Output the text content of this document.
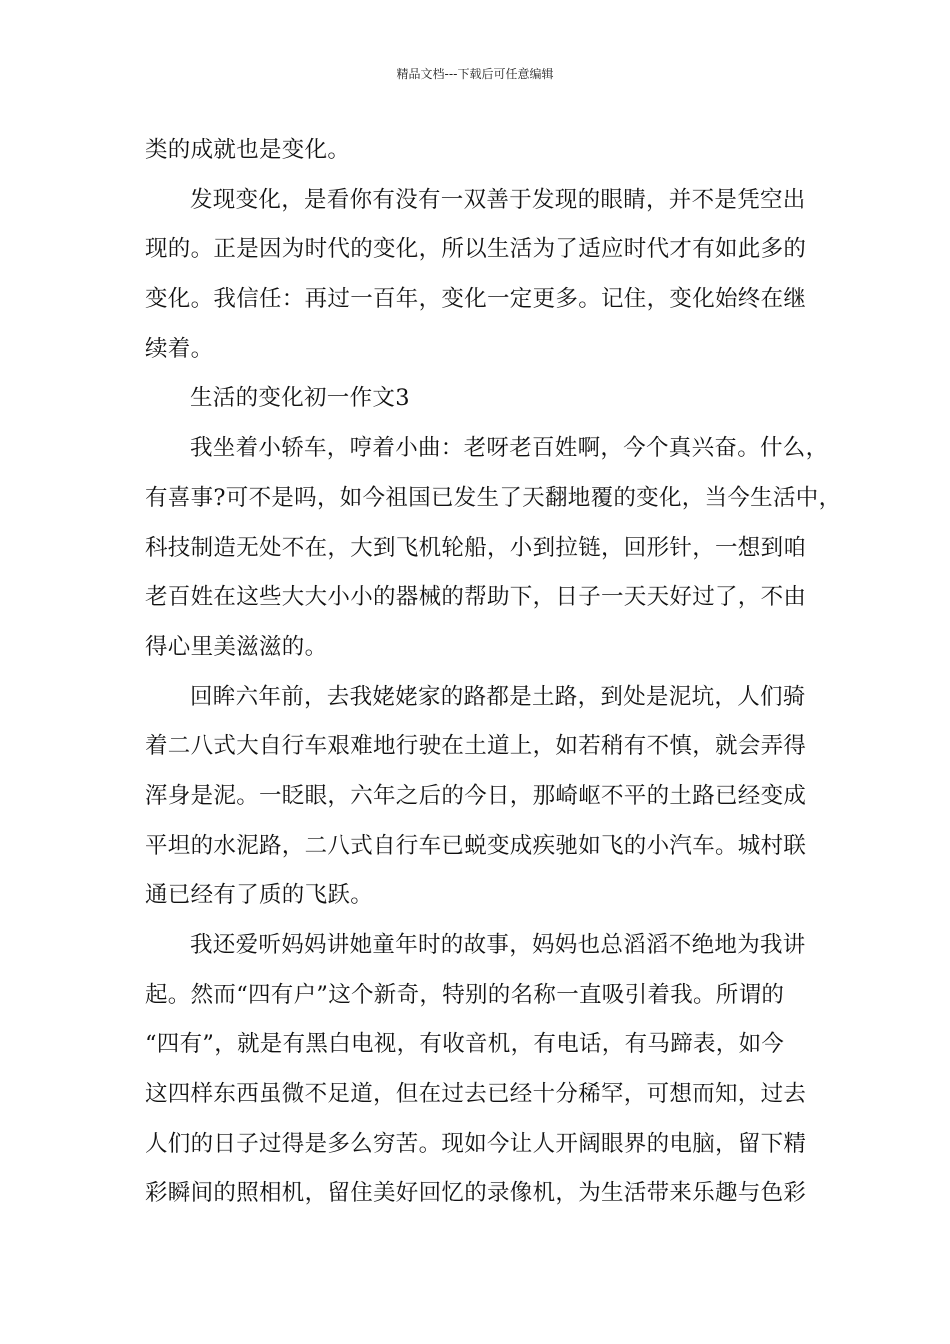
精品文档---下载后可任意编辑
类的成就也是变化。
发现变化，是看你有没有一双善于发现的眼睛，并不是凭空出
现的。正是因为时代的变化，所以生活为了适应时代才有如此多的
变化。我信任：再过一百年，变化一定更多。记住，变化始终在继
续着。
生活的变化初一作文3
我坐着小轿车，哼着小曲：老呀老百姓啊，今个真兴奋。什么，
有喜事?可不是吗，如今祖国已发生了天翻地覆的变化，当今生活中，
科技制造无处不在，大到飞机轮船，小到拉链，回形针，一想到咱
老百姓在这些大大小小的器械的帮助下，日子一天天好过了，不由
得心里美滋滋的。
回眸六年前，去我姥姥家的路都是土路，到处是泥坑，人们骑
着二八式大自行车艰难地行驶在土道上，如若稍有不慎，就会弄得
浑身是泥。一眨眼，六年之后的今日，那崎岖不平的土路已经变成
平坦的水泥路，二八式自行车已蜕变成疾驰如飞的小汽车。城村联
通已经有了质的飞跃。
我还爱听妈妈讲她童年时的故事，妈妈也总滔滔不绝地为我讲
起。然而“四有户”这个新奇，特别的名称一直吸引着我。所谓的
“四有”，就是有黑白电视，有收音机，有电话，有马蹄表，如今
这四样东西虽微不足道，但在过去已经十分稀罕，可想而知，过去
人们的日子过得是多么穷苦。现如今让人开阔眼界的电脑，留下精
彩瞬间的照相机，留住美好回忆的录像机，为生活带来乐趣与色彩
